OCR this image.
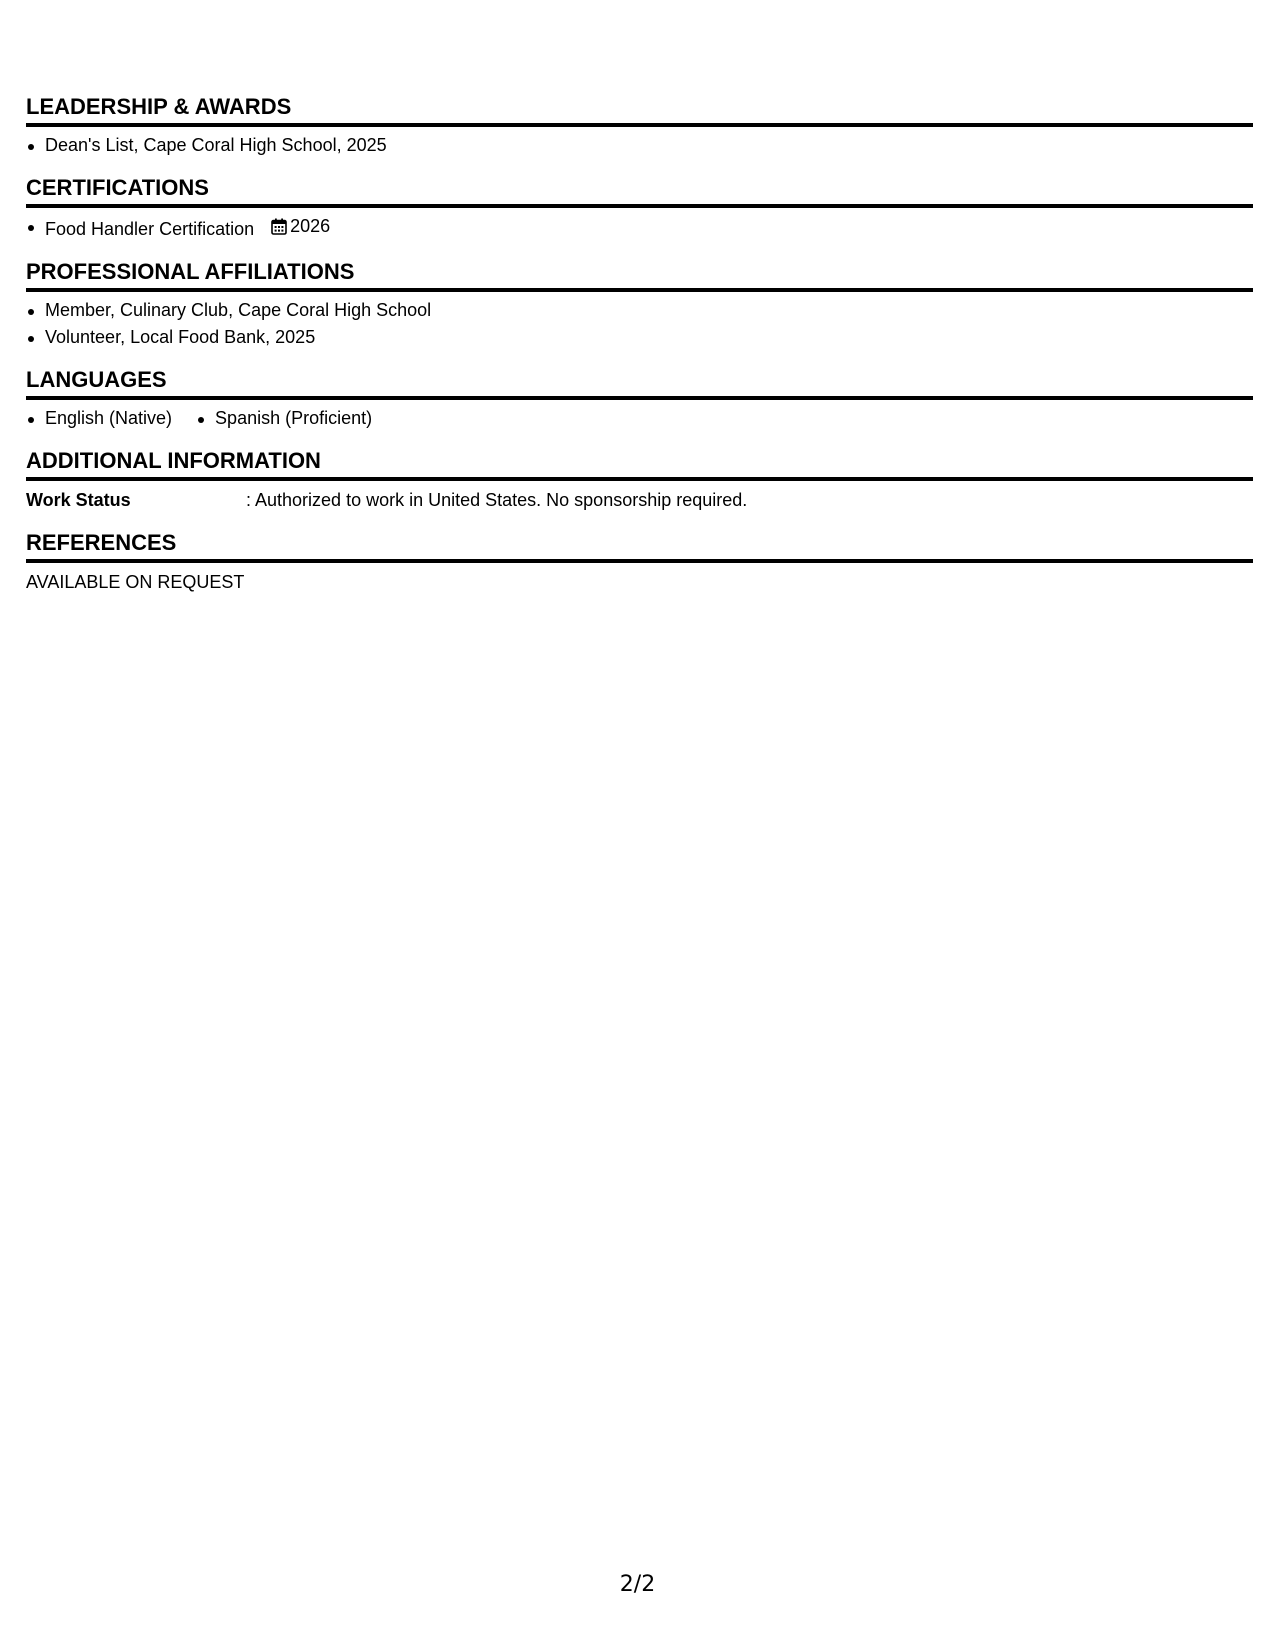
LEADERSHIP & AWARDS
Dean's List, Cape Coral High School, 2025
CERTIFICATIONS
Food Handler Certification 2026
PROFESSIONAL AFFILIATIONS
Member, Culinary Club, Cape Coral High School
Volunteer, Local Food Bank, 2025
LANGUAGES
English (Native)	Spanish (Proficient)
ADDITIONAL INFORMATION
Work Status	: Authorized to work in United States. No sponsorship required.
REFERENCES
AVAILABLE ON REQUEST
2/2
